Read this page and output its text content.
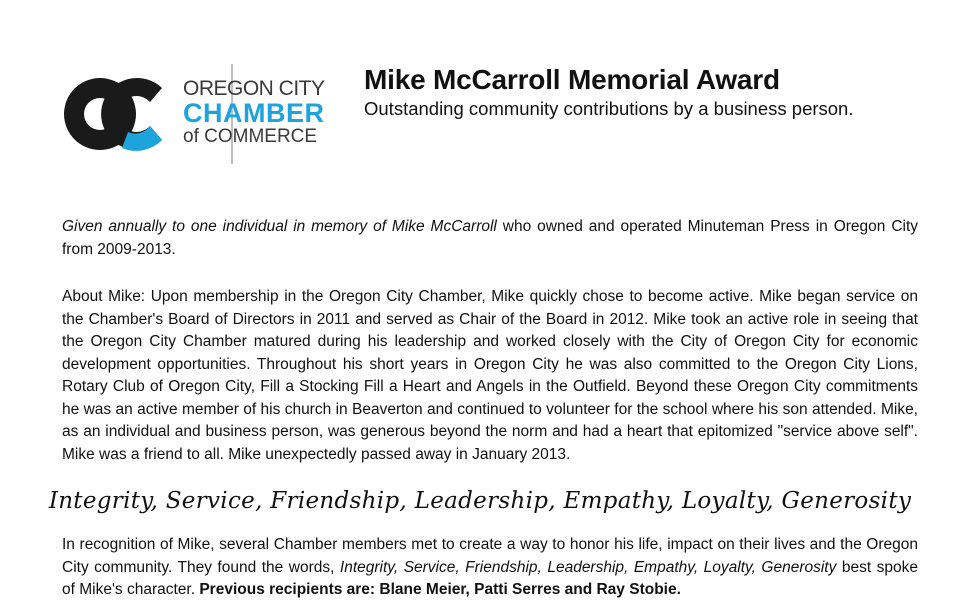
OREGON CITY
CHAMBER
of COMMERCE
Mike McCarroll Memorial Award
Outstanding community contributions by a business person.

Given annually to one individual in memory of Mike McCarroll who owned and operated Minuteman Press in Oregon City from 2009-2013.

About Mike: Upon membership in the Oregon City Chamber, Mike quickly chose to become active. Mike began service on the Chamber's Board of Directors in 2011 and served as Chair of the Board in 2012. Mike took an active role in seeing that the Oregon City Chamber matured during his leadership and worked closely with the City of Oregon City for economic development opportunities. Throughout his short years in Oregon City he was also committed to the Oregon City Lions, Rotary Club of Oregon City, Fill a Stocking Fill a Heart and Angels in the Outfield. Beyond these Oregon City commitments he was an active member of his church in Beaverton and continued to volunteer for the school where his son attended. Mike, as an individual and business person, was generous beyond the norm and had a heart that epitomized "service above self". Mike was a friend to all. Mike unexpectedly passed away in January 2013.

Integrity, Service, Friendship, Leadership, Empathy, Loyalty, Generosity

In recognition of Mike, several Chamber members met to create a way to honor his life, impact on their lives and the Oregon City community. They found the words, Integrity, Service, Friendship, Leadership, Empathy, Loyalty, Generosity best spoke of Mike's character. Previous recipients are: Blane Meier, Patti Serres and Ray Stobie.
